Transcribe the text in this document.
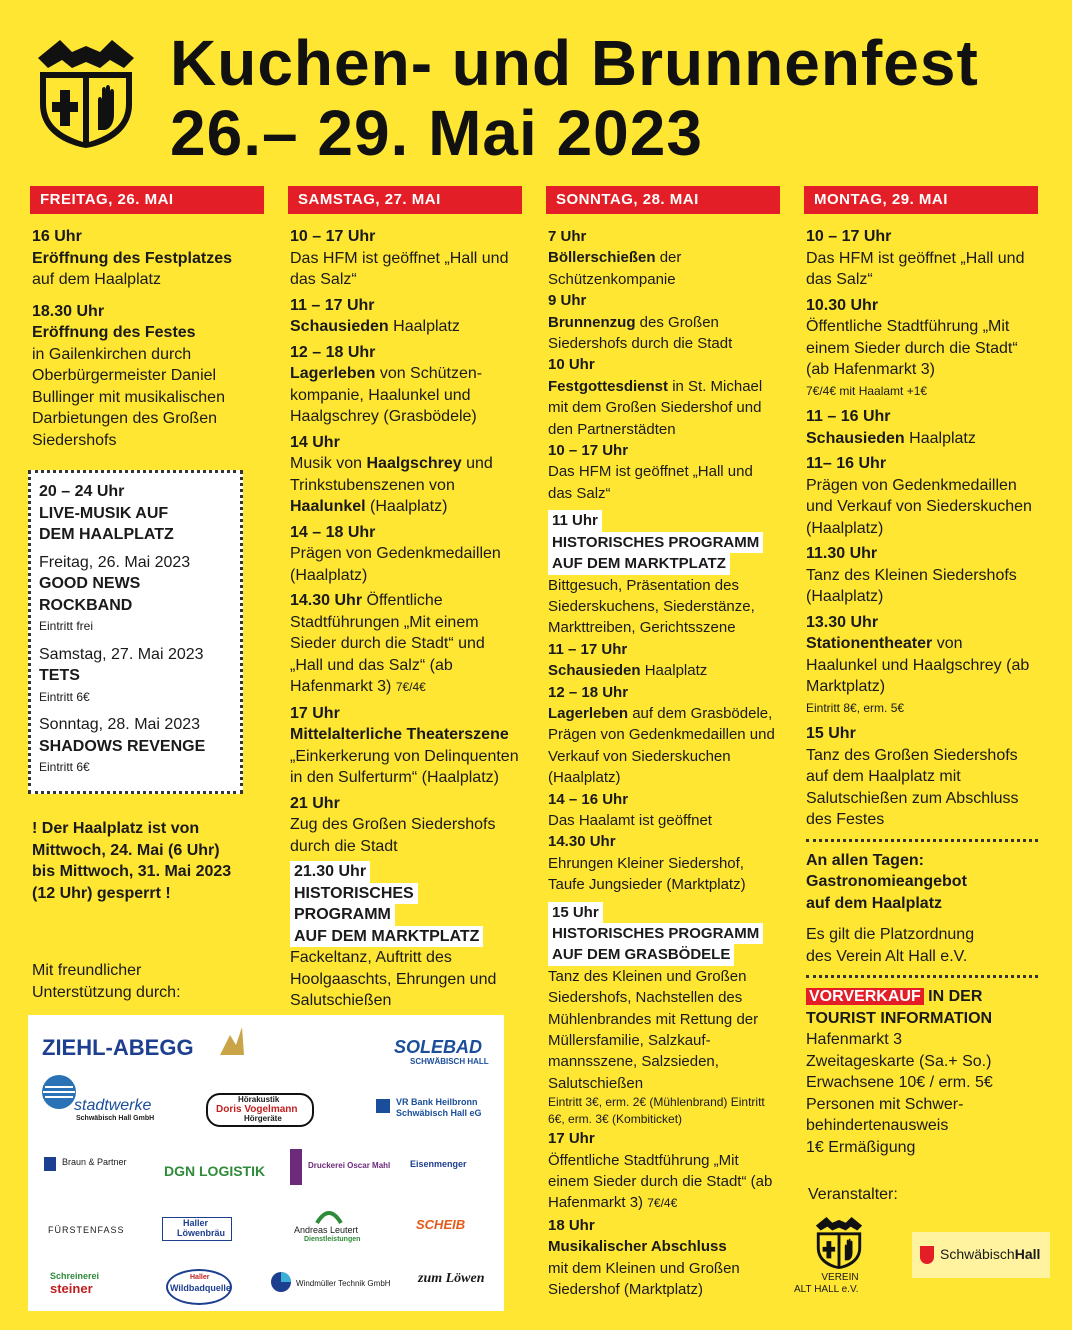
Kuchen- und Brunnenfest
26.– 29. Mai 2023
FREITAG, 26. MAI
16 Uhr
Eröffnung des Festplatzes
auf dem Haalplatz
18.30 Uhr
Eröffnung des Festes
in Gailenkirchen durch Oberbürgermeister Daniel Bullinger mit musikalischen Darbietungen des Großen Siedershofs
20 – 24 Uhr
LIVE-MUSIK AUF
DEM HAALPLATZ
Freitag, 26. Mai 2023
GOOD NEWS
ROCKBAND
Eintritt frei
Samstag, 27. Mai 2023
TETS
Eintritt 6€
Sonntag, 28. Mai 2023
SHADOWS REVENGE
Eintritt 6€
! Der Haalplatz ist von
Mittwoch, 24. Mai (6 Uhr)
bis Mittwoch, 31. Mai 2023
(12 Uhr) gesperrt !
Mit freundlicher
Unterstützung durch:
ZIEHL-ABEGG	SOLEBAD
SCHWÄBISCH HALL
stadtwerke
Schwäbisch Hall GmbH
Hörakustik
Doris Vogelmann
Hörgeräte
VR Bank Heilbronn
Schwäbisch Hall eG
Braun & Partner
DGN LOGISTIK	Druckerei Oscar Mahl Eisenmenger
FÜRSTENFASS
Haller
Löwenbräu	Andreas Leutert
Dienstleistungen
SCHEIB
Schreinerei
steiner
Haller
Wildbadquelle	Windmüller Technik GmbH zum Löwen
SAMSTAG, 27. MAI
10 – 17 Uhr
Das HFM ist geöffnet „Hall und das Salz“
11 – 17 Uhr
Schausieden Haalplatz
12 – 18 Uhr
Lagerleben von Schützenkompanie, Haalunkel und Haalgschrey (Grasbödele)
14 Uhr
Musik von Haalgschrey und Trinkstubenszenen von Haalunkel (Haalplatz)
14 – 18 Uhr
Prägen von Gedenkmedaillen (Haalplatz)
14.30 Uhr Öffentliche Stadtführungen „Mit einem Sieder durch die Stadt“ und „Hall und das Salz“ (ab Hafenmarkt 3) 7€/4€
17 Uhr
Mittelalterliche Theaterszene „Einkerkerung von Delinquenten in den Sulferturm“ (Haalplatz)
21 Uhr
Zug des Großen Siedershofs durch die Stadt
21.30 Uhr
HISTORISCHES
PROGRAMM
AUF DEM MARKTPLATZ
Fackeltanz, Auftritt des Hoolgaaschts, Ehrungen und Salutschießen
SONNTAG, 28. MAI
7 Uhr
Böllerschießen der Schützenkompanie
9 Uhr
Brunnenzug des Großen Siedershofs durch die Stadt
10 Uhr
Festgottesdienst in St. Michael mit dem Großen Siedershof und den Partnerstädten
10 – 17 Uhr
Das HFM ist geöffnet „Hall und das Salz“
11 Uhr
HISTORISCHES PROGRAMM
AUF DEM MARKTPLATZ
Bittgesuch, Präsentation des Siederskuchens, Siederstänze, Markttreiben, Gerichtsszene
11 – 17 Uhr
Schausieden Haalplatz
12 – 18 Uhr
Lagerleben auf dem Grasbödele, Prägen von Gedenkmedaillen und Verkauf von Siederskuchen (Haalplatz)
14 – 16 Uhr
Das Haalamt ist geöffnet
14.30 Uhr
Ehrungen Kleiner Siedershof, Taufe Jungsieder (Marktplatz)
15 Uhr
HISTORISCHES PROGRAMM
AUF DEM GRASBÖDELE
Tanz des Kleinen und Großen Siedershofs, Nachstellen des Mühlenbrandes mit Rettung der Müllersfamilie, Salzkaufmannsszene, Salzsieden, Salutschießen
Eintritt 3€, erm. 2€ (Mühlenbrand) Eintritt 6€, erm. 3€ (Kombiticket)
17 Uhr
Öffentliche Stadtführung „Mit einem Sieder durch die Stadt“ (ab Hafenmarkt 3) 7€/4€
18 Uhr
Musikalischer Abschluss
mit dem Kleinen und Großen Siedershof (Marktplatz)
MONTAG, 29. MAI
10 – 17 Uhr
Das HFM ist geöffnet „Hall und das Salz“
10.30 Uhr
Öffentliche Stadtführung „Mit einem Sieder durch die Stadt“ (ab Hafenmarkt 3)
7€/4€ mit Haalamt +1€
11 – 16 Uhr
Schausieden Haalplatz
11– 16 Uhr
Prägen von Gedenkmedaillen und Verkauf von Siederskuchen (Haalplatz)
11.30 Uhr
Tanz des Kleinen Siedershofs (Haalplatz)
13.30 Uhr
Stationentheater von Haalunkel und Haalgschrey (ab Marktplatz)
Eintritt 8€, erm. 5€
15 Uhr
Tanz des Großen Siedershofs auf dem Haalplatz mit Salutschießen zum Abschluss des Festes
An allen Tagen:
Gastronomieangebot
auf dem Haalplatz
Es gilt die Platzordnung
des Verein Alt Hall e.V.
VORVERKAUF IN DER
TOURIST INFORMATION
Hafenmarkt 3
Zweitageskarte (Sa.+ So.)
Erwachsene 10€ / erm. 5€
Personen mit Schwer-
behindertenausweis
1€ Ermäßigung
Veranstalter:
VEREIN
ALT HALL e.V.
SchwäbischHall
